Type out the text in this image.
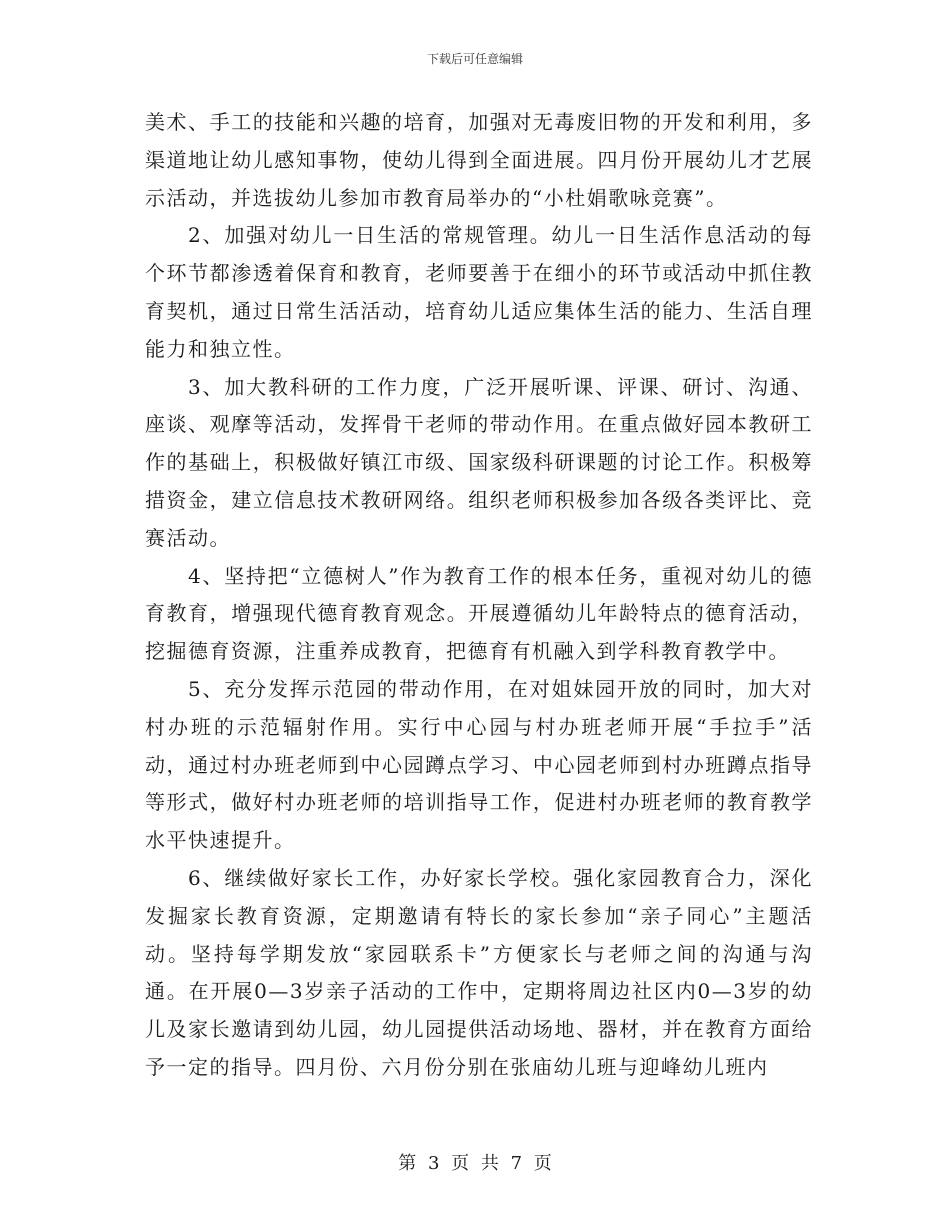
下载后可任意编辑

美术、手工的技能和兴趣的培育，加强对无毒废旧物的开发和利用，多渠道地让幼儿感知事物，使幼儿得到全面进展。四月份开展幼儿才艺展示活动，并选拔幼儿参加市教育局举办的“小杜娟歌咏竞赛”。

2、加强对幼儿一日生活的常规管理。幼儿一日生活作息活动的每个环节都渗透着保育和教育，老师要善于在细小的环节或活动中抓住教育契机，通过日常生活活动，培育幼儿适应集体生活的能力、生活自理能力和独立性。

3、加大教科研的工作力度，广泛开展听课、评课、研讨、沟通、座谈、观摩等活动，发挥骨干老师的带动作用。在重点做好园本教研工作的基础上，积极做好镇江市级、国家级科研课题的讨论工作。积极筹措资金，建立信息技术教研网络。组织老师积极参加各级各类评比、竞赛活动。

4、坚持把“立德树人”作为教育工作的根本任务，重视对幼儿的德育教育，增强现代德育教育观念。开展遵循幼儿年龄特点的德育活动，挖掘德育资源，注重养成教育，把德育有机融入到学科教育教学中。

5、充分发挥示范园的带动作用，在对姐妹园开放的同时，加大对村办班的示范辐射作用。实行中心园与村办班老师开展“手拉手”活动，通过村办班老师到中心园蹲点学习、中心园老师到村办班蹲点指导等形式，做好村办班老师的培训指导工作，促进村办班老师的教育教学水平快速提升。

6、继续做好家长工作，办好家长学校。强化家园教育合力，深化发掘家长教育资源，定期邀请有特长的家长参加“亲子同心”主题活动。坚持每学期发放“家园联系卡”方便家长与老师之间的沟通与沟通。在开展0—3岁亲子活动的工作中，定期将周边社区内0—3岁的幼儿及家长邀请到幼儿园，幼儿园提供活动场地、器材，并在教育方面给予一定的指导。四月份、六月份分别在张庙幼儿班与迎峰幼儿班内

第 3 页 共 7 页
